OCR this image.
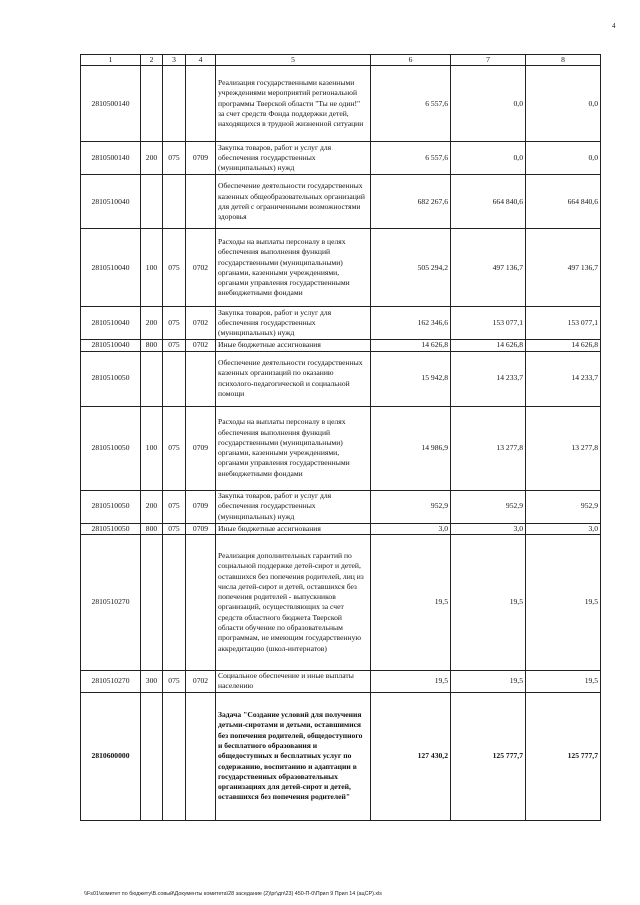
4
1	2	3	4	5	6	7	8
2810500140				Реализация государственными казенными учреждениями мероприятий региональной программы Тверской области "Ты не один!" за счет средств Фонда поддержки детей, находящихся в трудной жизненной ситуации	6 557,6	0,0	0,0
2810500140	200	075	0709	Закупка товаров, работ и услуг для обеспечения государственных (муниципальных) нужд	6 557,6	0,0	0,0
2810510040				Обеспечение деятельности государственных казенных общеобразовательных организаций для детей с ограниченными возможностями здоровья	682 267,6	664 840,6	664 840,6
2810510040	100	075	0702	Расходы на выплаты персоналу в целях обеспечения выполнения функций государственными (муниципальными) органами, казенными учреждениями, органами управления государственными внебюджетными фондами	505 294,2	497 136,7	497 136,7
2810510040	200	075	0702	Закупка товаров, работ и услуг для обеспечения государственных (муниципальных) нужд	162 346,6	153 077,1	153 077,1
2810510040	800	075	0702	Иные бюджетные ассигнования	14 626,8	14 626,8	14 626,8
2810510050				Обеспечение деятельности государственных казенных организаций по оказанию психолого-педагогической и социальной помощи	15 942,8	14 233,7	14 233,7
2810510050	100	075	0709	Расходы на выплаты персоналу в целях обеспечения выполнения функций государственными (муниципальными) органами, казенными учреждениями, органами управления государственными внебюджетными фондами	14 986,9	13 277,8	13 277,8
2810510050	200	075	0709	Закупка товаров, работ и услуг для обеспечения государственных (муниципальных) нужд	952,9	952,9	952,9
2810510050	800	075	0709	Иные бюджетные ассигнования	3,0	3,0	3,0
2810510270				Реализация дополнительных гарантий по социальной поддержке детей-сирот и детей, оставшихся без попечения родителей, лиц из числа детей-сирот и детей, оставшихся без попечения родителей - выпускников организаций, осуществляющих за счет средств областного бюджета Тверской области обучение по образовательным программам, не имеющим государственную аккредитацию (школ-интернатов)	19,5	19,5	19,5
2810510270	300	075	0702	Социальное обеспечение и иные выплаты населению	19,5	19,5	19,5
2810600000				Задача "Создание условий для получения детьми-сиротами и детьми, оставшимися без попечения родителей, общедоступного и бесплатного образования и общедоступных и бесплатных услуг по содержанию, воспитанию и адаптации в государственных образовательных организациях для детей-сирот и детей, оставшихся без попечения родителей"	127 430,2	125 777,7	125 777,7
\\Fs01\комитет по бюджету\В.совый\Документы комитета\28 заседание (2)\рг\дп\23) 450-П-0\Прил 9 Прил 14 (ацСР).xls
